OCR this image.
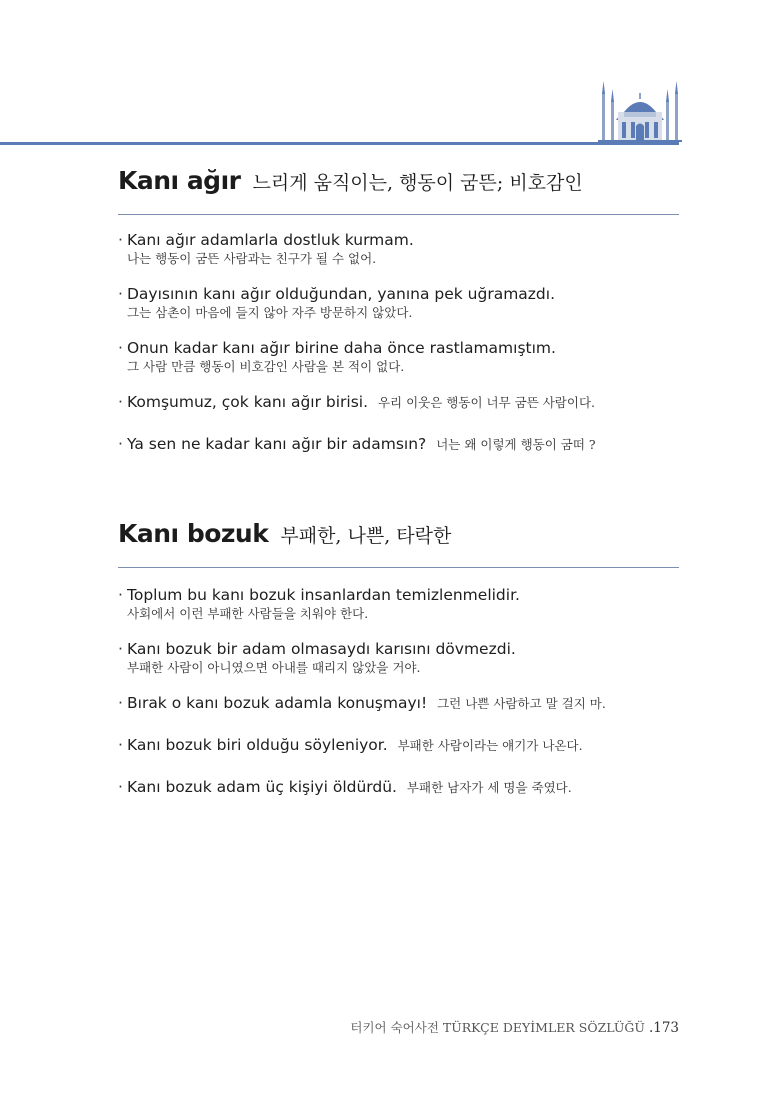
Kanı ağır 느리게 움직이는, 행동이 굼뜬; 비호감인
· Kanı ağır adamlarla dostluk kurmam.
나는 행동이 굼뜬 사람과는 친구가 될 수 없어.
· Dayısının kanı ağır olduğundan, yanına pek uğramazdı.
그는 삼촌이 마음에 들지 않아 자주 방문하지 않았다.
· Onun kadar kanı ağır birine daha önce rastlamamıştım.
그 사람 만큼 행동이 비호감인 사람을 본 적이 없다.
· Komşumuz, çok kanı ağır birisi. 우리 이웃은 행동이 너무 굼뜬 사람이다.
· Ya sen ne kadar kanı ağır bir adamsın? 너는 왜 이렇게 행동이 굼떠 ?
Kanı bozuk 부패한, 나쁜, 타락한
· Toplum bu kanı bozuk insanlardan temizlenmelidir.
사회에서 이런 부패한 사람들을 치워야 한다.
· Kanı bozuk bir adam olmasaydı karısını dövmezdi.
부패한 사람이 아니였으면 아내를 때리지 않았을 거야.
· Bırak o kanı bozuk adamla konuşmayı! 그런 나쁜 사람하고 말 걸지 마.
· Kanı bozuk biri olduğu söyleniyor. 부패한 사람이라는 얘기가 나온다.
· Kanı bozuk adam üç kişiyi öldürdü. 부패한 남자가 세 명을 죽였다.
터키어 숙어사전 TÜRKÇE DEYİMLER SÖZLÜĞÜ .173
